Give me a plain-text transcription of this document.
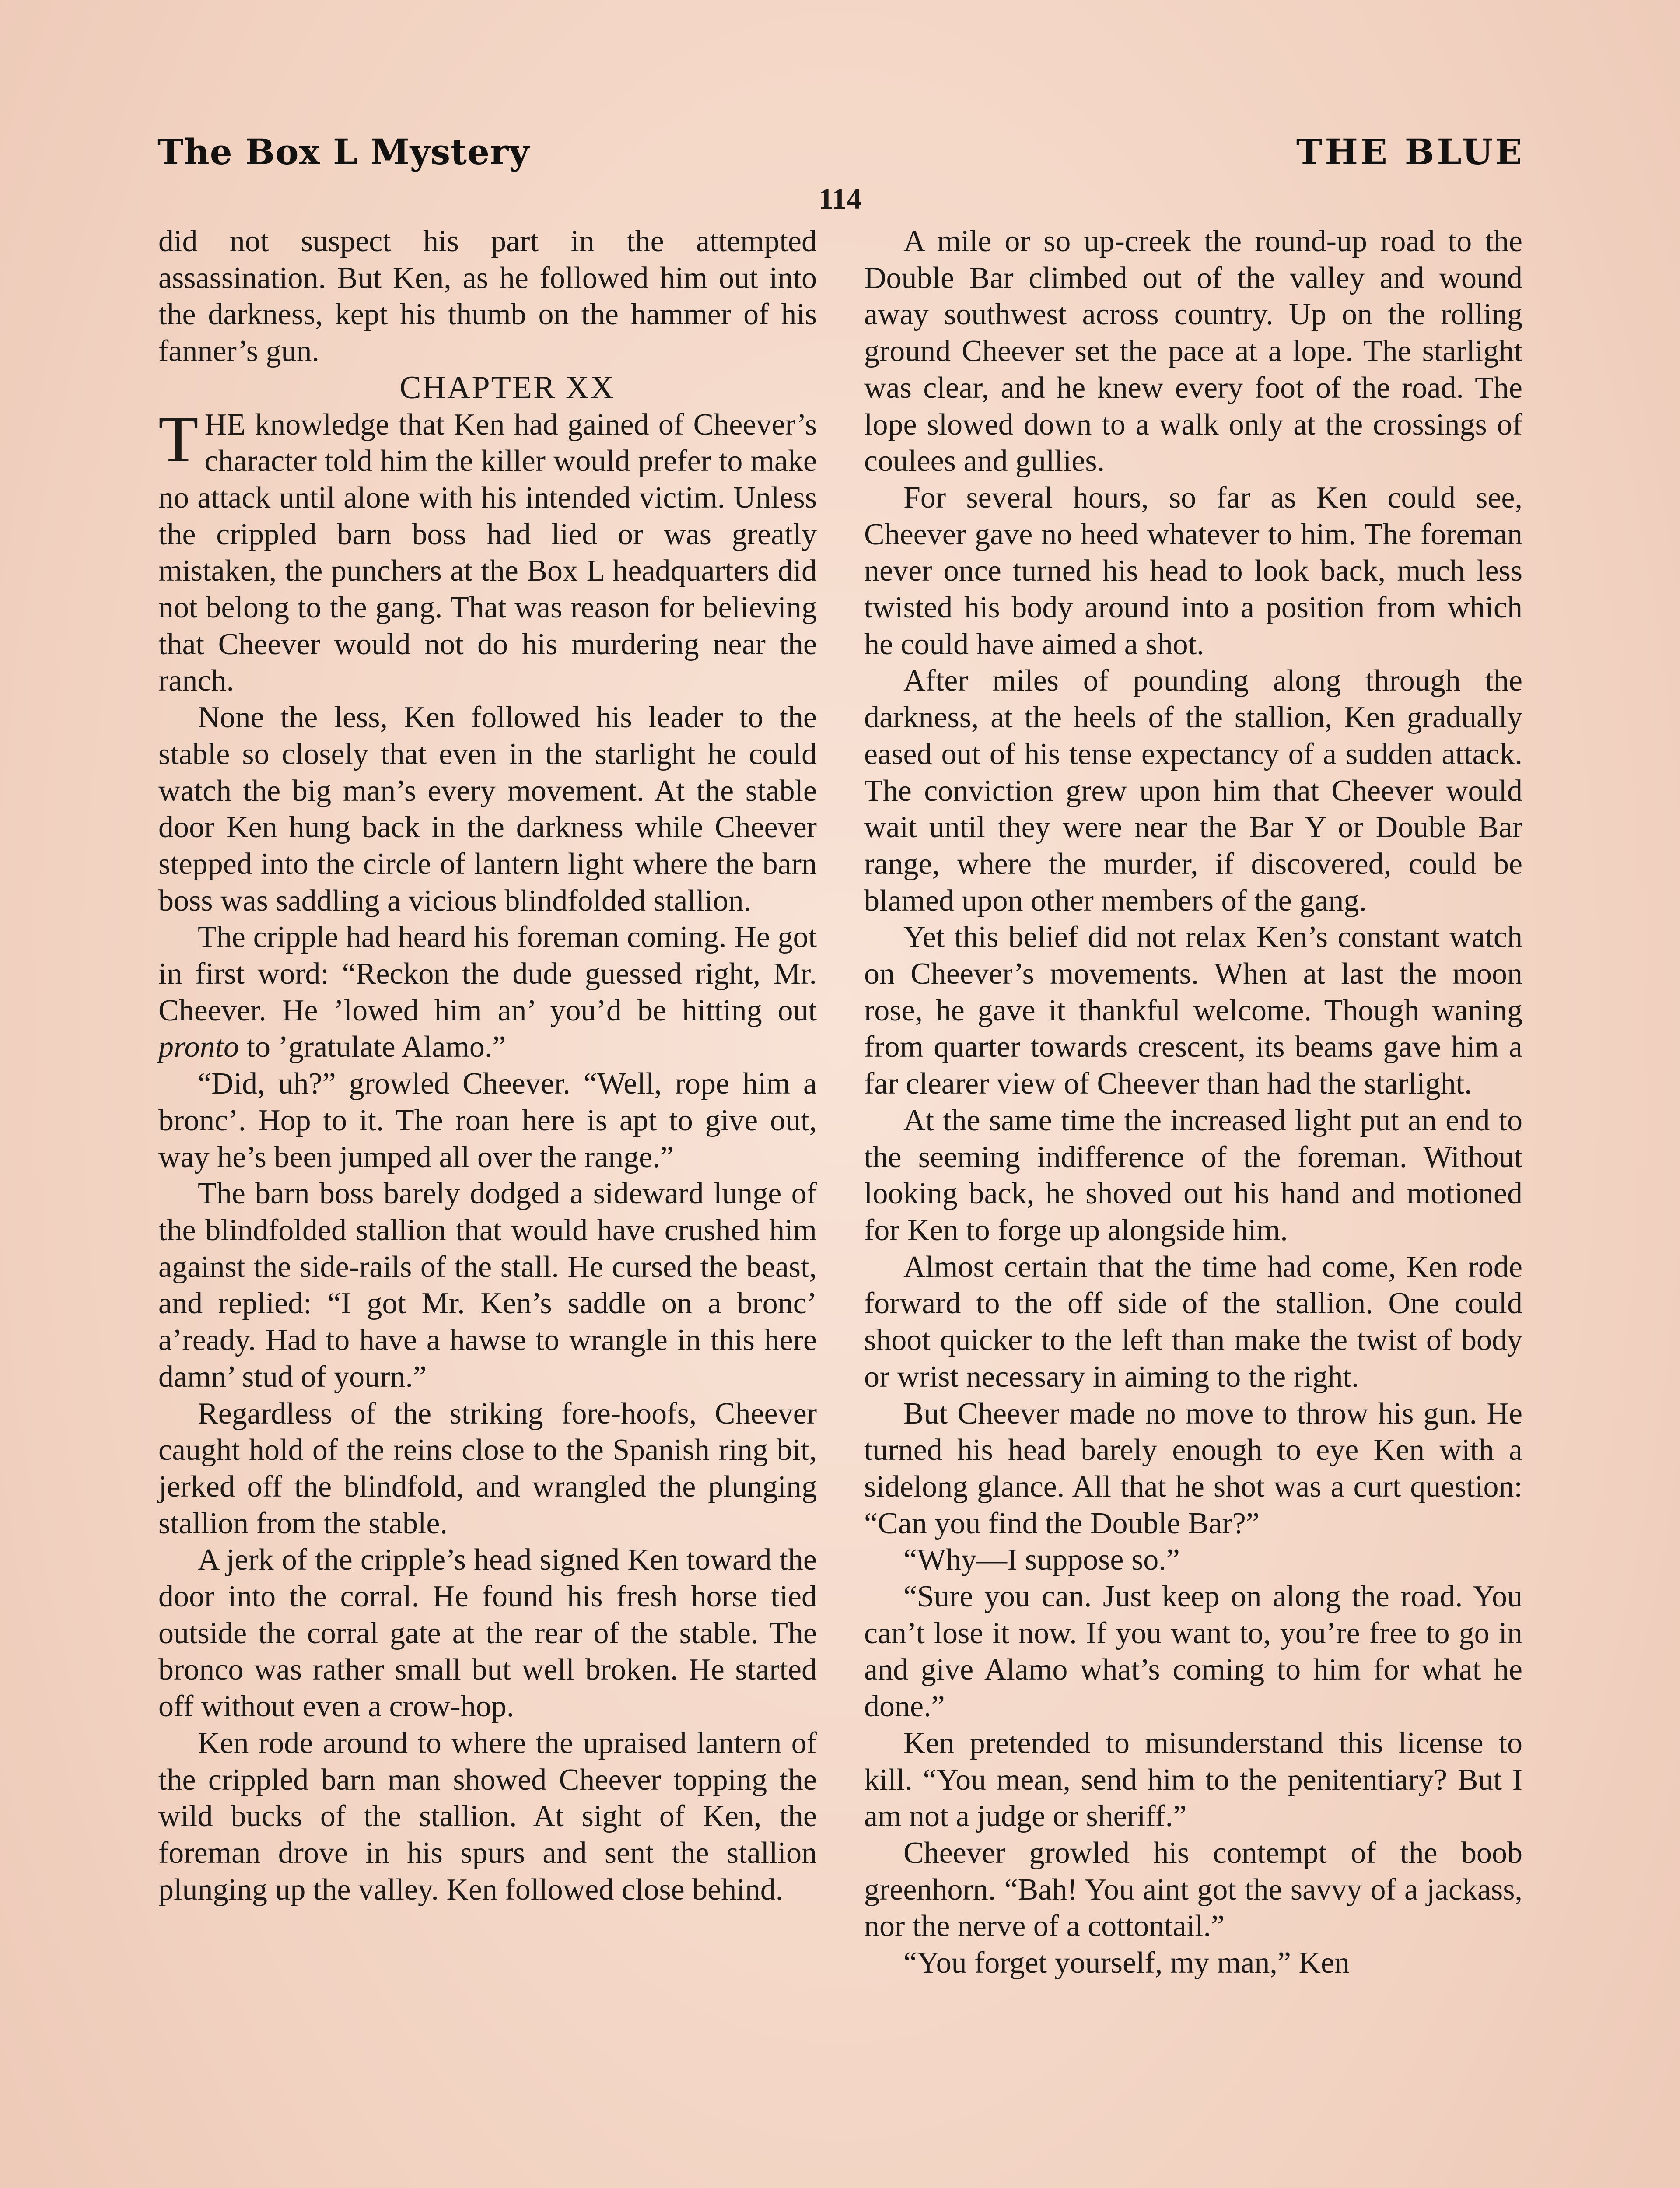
The Box L Mystery	THE BLUE
114

did not suspect his part in the attempted assassination. But Ken, as he followed him out into the darkness, kept his thumb on the hammer of his fanner’s gun.

CHAPTER XX

THE knowledge that Ken had gained of Cheever’s character told him the killer would prefer to make no attack until alone with his intended victim. Unless the crippled barn boss had lied or was greatly mistaken, the punchers at the Box L headquarters did not belong to the gang. That was reason for believing that Cheever would not do his murdering near the ranch.

None the less, Ken followed his leader to the stable so closely that even in the starlight he could watch the big man’s every movement. At the stable door Ken hung back in the darkness while Cheever stepped into the circle of lantern light where the barn boss was saddling a vicious blindfolded stallion.

The cripple had heard his foreman coming. He got in first word: “Reckon the dude guessed right, Mr. Cheever. He ’lowed him an’ you’d be hitting out pronto to ’gratulate Alamo.”

“Did, uh?” growled Cheever. “Well, rope him a bronc’. Hop to it. The roan here is apt to give out, way he’s been jumped all over the range.”

The barn boss barely dodged a sideward lunge of the blindfolded stallion that would have crushed him against the side-rails of the stall. He cursed the beast, and replied: “I got Mr. Ken’s saddle on a bronc’ a’ready. Had to have a hawse to wrangle in this here damn’ stud of yourn.”

Regardless of the striking fore-hoofs, Cheever caught hold of the reins close to the Spanish ring bit, jerked off the blindfold, and wrangled the plunging stallion from the stable.

A jerk of the cripple’s head signed Ken toward the door into the corral. He found his fresh horse tied outside the corral gate at the rear of the stable. The bronco was rather small but well broken. He started off without even a crow-hop.

Ken rode around to where the upraised lantern of the crippled barn man showed Cheever topping the wild bucks of the stallion. At sight of Ken, the foreman drove in his spurs and sent the stallion plunging up the valley. Ken followed close behind.

A mile or so up-creek the round-up road to the Double Bar climbed out of the valley and wound away southwest across country. Up on the rolling ground Cheever set the pace at a lope. The starlight was clear, and he knew every foot of the road. The lope slowed down to a walk only at the crossings of coulees and gullies.

For several hours, so far as Ken could see, Cheever gave no heed whatever to him. The foreman never once turned his head to look back, much less twisted his body around into a position from which he could have aimed a shot.

After miles of pounding along through the darkness, at the heels of the stallion, Ken gradually eased out of his tense expectancy of a sudden attack. The conviction grew upon him that Cheever would wait until they were near the Bar Y or Double Bar range, where the murder, if discovered, could be blamed upon other members of the gang.

Yet this belief did not relax Ken’s constant watch on Cheever’s movements. When at last the moon rose, he gave it thankful welcome. Though waning from quarter towards crescent, its beams gave him a far clearer view of Cheever than had the starlight.

At the same time the increased light put an end to the seeming indifference of the foreman. Without looking back, he shoved out his hand and motioned for Ken to forge up alongside him.

Almost certain that the time had come, Ken rode forward to the off side of the stallion. One could shoot quicker to the left than make the twist of body or wrist necessary in aiming to the right.

But Cheever made no move to throw his gun. He turned his head barely enough to eye Ken with a sidelong glance. All that he shot was a curt question: “Can you find the Double Bar?”

“Why—I suppose so.”

“Sure you can. Just keep on along the road. You can’t lose it now. If you want to, you’re free to go in and give Alamo what’s coming to him for what he done.”

Ken pretended to misunderstand this license to kill. “You mean, send him to the penitentiary? But I am not a judge or sheriff.”

Cheever growled his contempt of the boob greenhorn. “Bah! You aint got the savvy of a jackass, nor the nerve of a cottontail.”

“You forget yourself, my man,” Ken
